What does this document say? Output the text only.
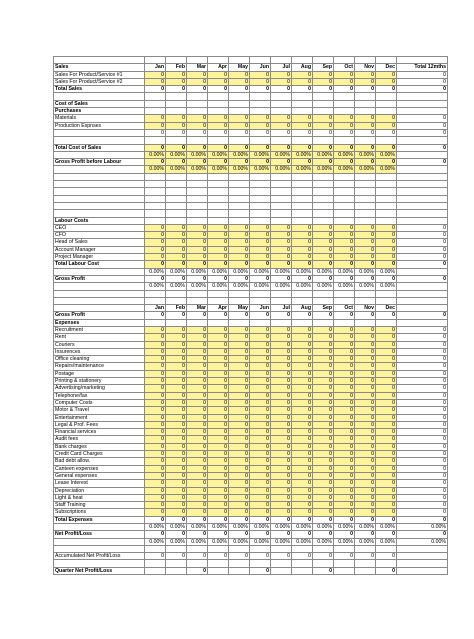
Sales	Jan	Feb	Mar	Apr	May	Jun	Jul	Aug	Sep	Oct	Nov	Dec	Total 12mths
Sales For Product/Service #1	0	0	0	0	0	0	0	0	0	0	0	0	0
Sales For Product/Service #2	0	0	0	0	0	0	0	0	0	0	0	0	0
Total Sales	0	0	0	0	0	0	0	0	0	0	0	0	0

Cost of Sales													
Purchases													
Materials	0	0	0	0	0	0	0	0	0	0	0	0	0
Production Expnses	0	0	0	0	0	0	0	0	0	0	0	0	0
	0	0	0	0	0	0	0	0	0	0	0	0	0

Total Cost of Sales	0	0	0	0	0	0	0	0	0	0	0	0	0
	0.00%	0.00%	0.00%	0.00%	0.00%	0.00%	0.00%	0.00%	0.00%	0.00%	0.00%	0.00%	
Gross Profit before Labour	0	0	0	0	0	0	0	0	0	0	0	0	0
	0.00%	0.00%	0.00%	0.00%	0.00%	0.00%	0.00%	0.00%	0.00%	0.00%	0.00%	0.00%	

Labour Costs													
CEO	0	0	0	0	0	0	0	0	0	0	0	0	0
CFO	0	0	0	0	0	0	0	0	0	0	0	0	0
Head of Sales	0	0	0	0	0	0	0	0	0	0	0	0	0
Account Manager	0	0	0	0	0	0	0	0	0	0	0	0	0
Project Manager	0	0	0	0	0	0	0	0	0	0	0	0	0
Total Labour Cost	0	0	0	0	0	0	0	0	0	0	0	0	0
	0.00%	0.00%	0.00%	0.00%	0.00%	0.00%	0.00%	0.00%	0.00%	0.00%	0.00%	0.00%	
Gross Profit	0	0	0	0	0	0	0	0	0	0	0	0	0
	0.00%	0.00%	0.00%	0.00%	0.00%	0.00%	0.00%	0.00%	0.00%	0.00%	0.00%	0.00%	

	Jan	Feb	Mar	Apr	May	Jun	Jul	Aug	Sep	Oct	Nov	Dec	
Gross Profit	0	0	0	0	0	0	0	0	0	0	0	0	0
Expenses													
Recruitment	0	0	0	0	0	0	0	0	0	0	0	0	0
Rent	0	0	0	0	0	0	0	0	0	0	0	0	0
Couriers	0	0	0	0	0	0	0	0	0	0	0	0	0
Insurences	0	0	0	0	0	0	0	0	0	0	0	0	0
Office cleaning	0	0	0	0	0	0	0	0	0	0	0	0	0
Repairs/maintenance	0	0	0	0	0	0	0	0	0	0	0	0	0
Postage	0	0	0	0	0	0	0	0	0	0	0	0	0
Printing & stationery	0	0	0	0	0	0	0	0	0	0	0	0	0
Advertising/marketing	0	0	0	0	0	0	0	0	0	0	0	0	0
Telephone/fax	0	0	0	0	0	0	0	0	0	0	0	0	0
Computer Costs	0	0	0	0	0	0	0	0	0	0	0	0	0
Motor & Travel	0	0	0	0	0	0	0	0	0	0	0	0	0
Entertainment	0	0	0	0	0	0	0	0	0	0	0	0	0
Legal & Prof. Fees	0	0	0	0	0	0	0	0	0	0	0	0	0
Financial services	0	0	0	0	0	0	0	0	0	0	0	0	0
Audit fees	0	0	0	0	0	0	0	0	0	0	0	0	0
Bank charges	0	0	0	0	0	0	0	0	0	0	0	0	0
Credit Card Charges	0	0	0	0	0	0	0	0	0	0	0	0	0
Bad debt allow.	0	0	0	0	0	0	0	0	0	0	0	0	0
Canteen expenses	0	0	0	0	0	0	0	0	0	0	0	0	0
General expenses	0	0	0	0	0	0	0	0	0	0	0	0	0
Lease Interest	0	0	0	0	0	0	0	0	0	0	0	0	0
Depreciation	0	0	0	0	0	0	0	0	0	0	0	0	0
Light & heat	0	0	0	0	0	0	0	0	0	0	0	0	0
Staff Training	0	0	0	0	0	0	0	0	0	0	0	0	0
Subscriptions	0	0	0	0	0	0	0	0	0	0	0	0	0
Total Expenses	0	0	0	0	0	0	0	0	0	0	0	0	0
	0.00%	0.00%	0.00%	0.00%	0.00%	0.00%	0.00%	0.00%	0.00%	0.00%	0.00%	0.00%	0.00%
Net Profit/Loss	0	0	0	0	0	0	0	0	0	0	0	0	0
	0.00%	0.00%	0.00%	0.00%	0.00%	0.00%	0.00%	0.00%	0.00%	0.00%	0.00%	0.00%	0.00%

Accumulated Net Profit/Loss	0	0	0	0	0	0	0	0	0	0	0	0	

Quarter Net Profit/Loss			0			0			0			0	
